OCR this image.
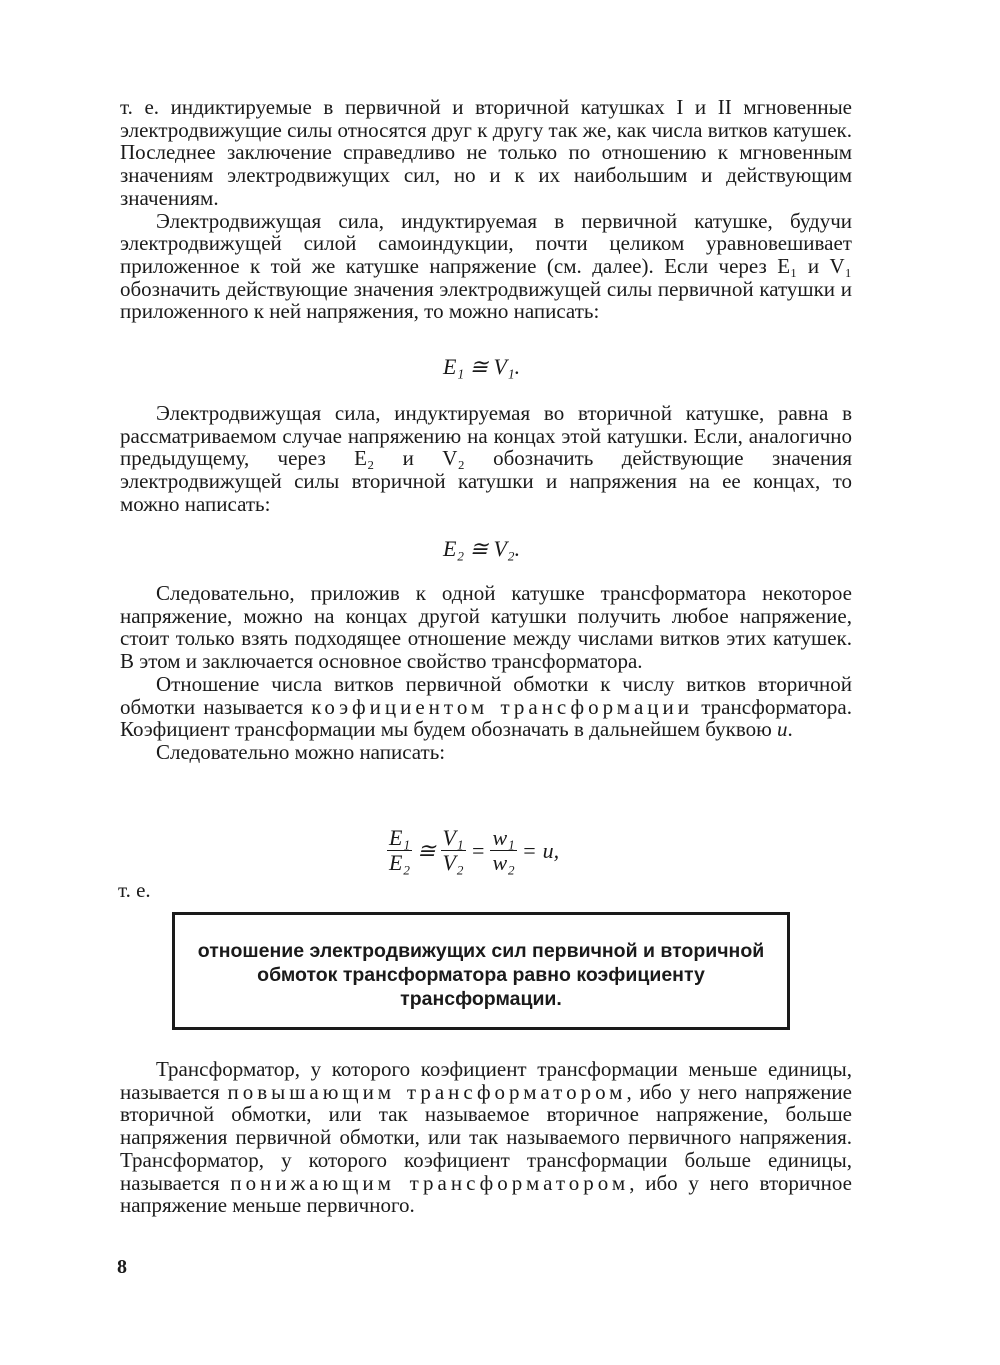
т. е. индиктируемые в первичной и вторичной катушках I и II мгновенные электродвижущие силы относятся друг к другу так же, как числа витков катушек. Последнее заключение справедливо не только по отношению к мгновенным значениям электродвижущих сил, но и к их наибольшим и действующим значениям.

Электродвижущая сила, индуктируемая в первичной катушке, будучи электродвижущей силой самоиндукции, почти целиком уравновешивает приложенное к той же катушке напряжение (см. далее). Если через E₁ и V₁ обозначить действующие значения электродвижущей силы первичной катушки и приложенного к ней напряжения, то можно написать:

E₁ ≅ V₁.

Электродвижущая сила, индуктируемая во вторичной катушке, равна в рассматриваемом случае напряжению на концах этой катушки. Если, аналогично предыдущему, через E₂ и V₂ обозначить действующие значения электродвижущей силы вторичной катушки и напряжения на ее концах, то можно написать:

E₂ ≅ V₂.

Следовательно, приложив к одной катушке трансформатора некоторое напряжение, можно на концах другой катушки получить любое напряжение, стоит только взять подходящее отношение между числами витков этих катушек. В этом и заключается основное свойство трансформатора.

Отношение числа витков первичной обмотки к числу витков вторичной обмотки называется коэфициентом трансформации трансформатора. Коэфициент трансформации мы будем обозначать в дальнейшем буквою u.

Следовательно можно написать:

$\frac{\text{E₁}}{\text{E₂}}$ ≅ $\frac{\text{V₁}}{\text{V₂}} = \frac{\text{w₁}}{\text{w₂}} = u$,
т. е.
отношение электродвижущих сил первичной и вторичной обмоток трансформатора равно коэфициенту трансформации.

Трансформатор, у которого коэфициент трансформации меньше единицы, называется повышающим трансформатором, ибо у него напряжение вторичной обмотки, или так называемое вторичное напряжение, больше напряжения первичной обмотки, или так называемого первичного напряжения. Трансформатор, у которого коэфициент трансформации больше единицы, называется понижающим трансформатором, ибо у него вторичное напряжение меньше первичного.

8
